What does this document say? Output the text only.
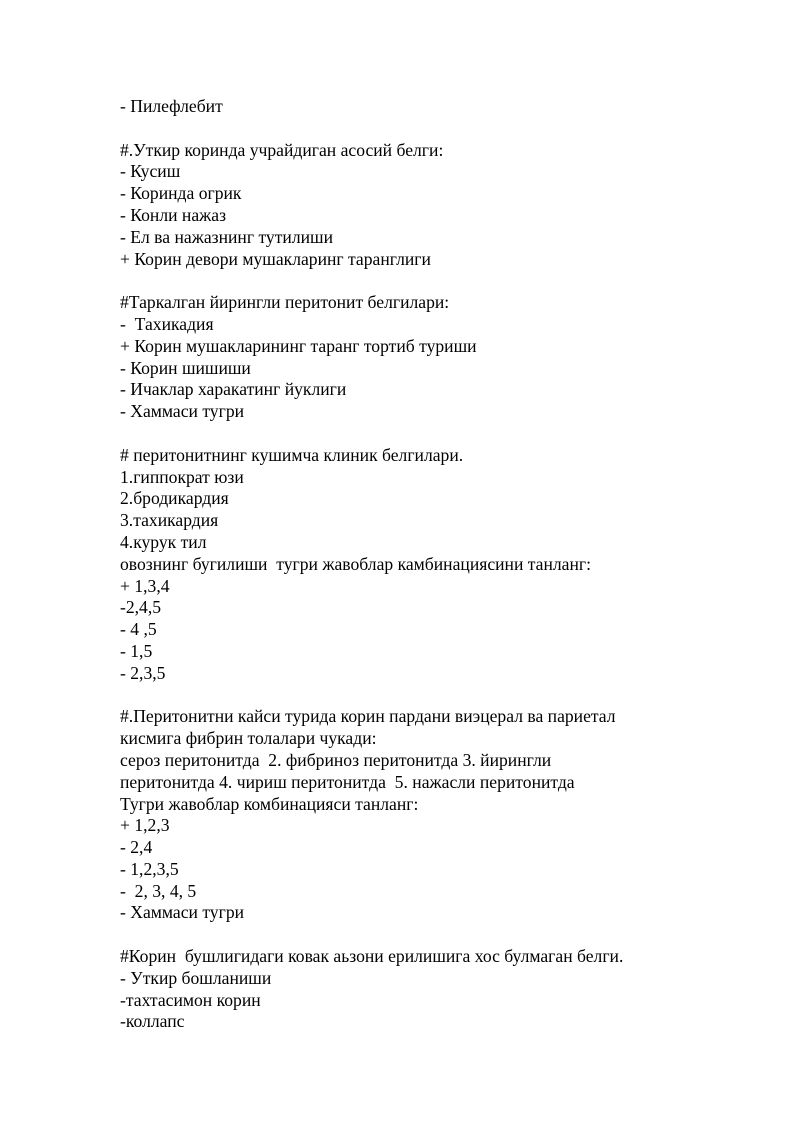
- Пилефлебит
#.Уткир коринда учрайдиган асосий белги:
- Кусиш
- Коринда огрик
- Конли нажаз
- Ел ва нажазнинг тутилиши
+ Корин девори мушакларинг таранглиги
#Таркалган йирингли перитонит белгилари:
-  Тахикадия
+ Корин мушакларининг таранг тортиб туриши
- Корин шишиши
- Ичаклар харакатинг йуклиги
- Хаммаси тугри
# перитонитнинг кушимча клиник белгилари.
1.гиппократ юзи
2.бродикардия
3.тахикардия
4.курук тил
овознинг бугилиши  тугри жавоблар камбинациясини танланг:
+ 1,3,4
-2,4,5
- 4 ,5
- 1,5
- 2,3,5
#.Перитонитни кайси турида корин пардани виэцерал ва париетал
кисмига фибрин толалари чукади:
сероз перитонитда  2. фибриноз перитонитда 3. йирингли
перитонитда 4. чириш перитонитда  5. нажасли перитонитда
Тугри жавоблар комбинацияси танланг:
+ 1,2,3
- 2,4
- 1,2,3,5
-  2, 3, 4, 5
- Хаммаси тугри
#Корин  бушлигидаги ковак аьзони ерилишига хос булмаган белги.
- Уткир бошланиши
-тахтасимон корин
-коллапс
